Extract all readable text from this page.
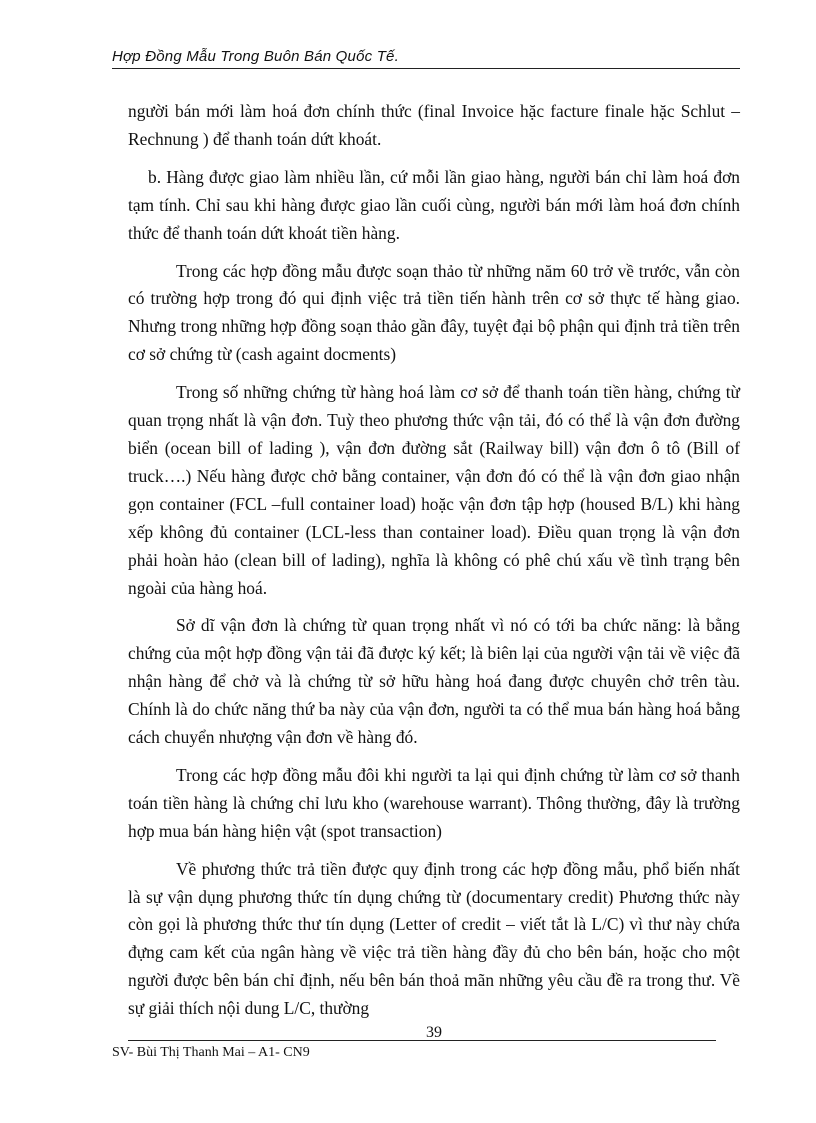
Hợp Đồng Mẫu Trong Buôn Bán Quốc Tế.

người bán mới làm hoá đơn chính thức (final Invoice hặc facture finale hặc Schlut – Rechnung ) để thanh toán dứt khoát.

b. Hàng được giao làm nhiều lần, cứ mỗi lần giao hàng, người bán chỉ làm hoá đơn tạm tính. Chỉ sau khi hàng được giao lần cuối cùng, người bán mới làm hoá đơn chính thức để thanh toán dứt khoát tiền hàng.

Trong các hợp đồng mẫu được soạn thảo từ những năm 60 trở về trước, vẫn còn có trường hợp trong đó qui định việc trả tiền tiến hành trên cơ sở thực tế hàng giao. Nhưng trong những hợp đồng soạn thảo gần đây, tuyệt đại bộ phận qui định trả tiền trên cơ sở chứng từ (cash againt docments)

Trong số những chứng từ hàng hoá làm cơ sở để thanh toán tiền hàng, chứng từ quan trọng nhất là vận đơn. Tuỳ theo phương thức vận tải, đó có thể là vận đơn đường biển (ocean bill of lading ), vận đơn đường sắt (Railway bill) vận đơn ô tô (Bill of truck….) Nếu hàng được chở bằng container, vận đơn đó có thể là vận đơn giao nhận gọn container (FCL –full container load) hoặc vận đơn tập hợp (housed B/L) khi hàng xếp không đủ container (LCL-less than container load). Điều quan trọng là vận đơn phải hoàn hảo (clean bill of lading), nghĩa là không có phê chú xấu về tình trạng bên ngoài của hàng hoá.

Sở dĩ vận đơn là chứng từ quan trọng nhất vì nó có tới ba chức năng: là bằng chứng của một hợp đồng vận tải đã được ký kết; là biên lại của người vận tải về việc đã nhận hàng để chở và là chứng từ sở hữu hàng hoá đang được chuyên chở trên tàu. Chính là do chức năng thứ ba này của vận đơn, người ta có thể mua bán hàng hoá bằng cách chuyển nhượng vận đơn về hàng đó.

Trong các hợp đồng mẫu đôi khi người ta lại qui định chứng từ làm cơ sở thanh toán tiền hàng là chứng chỉ lưu kho (warehouse warrant). Thông thường, đây là trường hợp mua bán hàng hiện vật (spot transaction)

Về phương thức trả tiền được quy định trong các hợp đồng mẫu, phổ biến nhất là sự vận dụng phương thức tín dụng chứng từ (documentary credit) Phương thức này còn gọi là phương thức thư tín dụng (Letter of credit – viết tắt là L/C) vì thư này chứa đựng cam kết của ngân hàng về việc trả tiền hàng đầy đủ cho bên bán, hoặc cho một người được bên bán chỉ định, nếu bên bán thoả mãn những yêu cầu đề ra trong thư. Về sự giải thích nội dung L/C, thường

39
SV- Bùi Thị Thanh Mai – A1- CN9
